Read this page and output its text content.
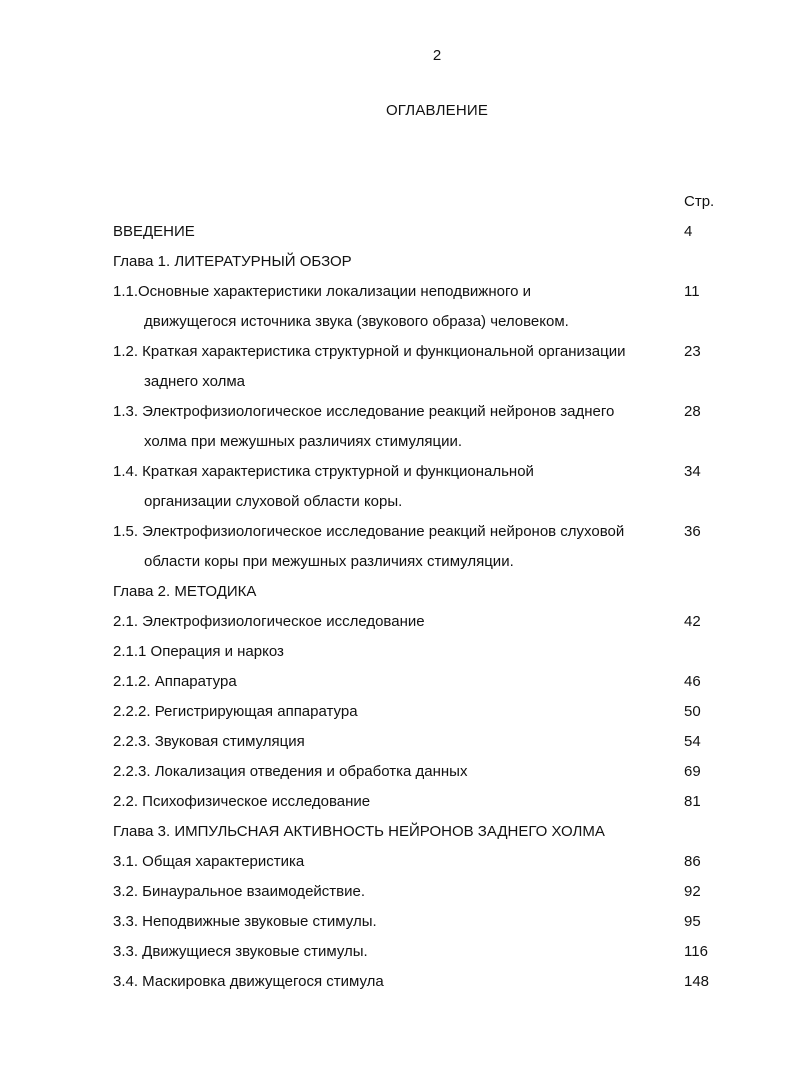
2
ОГЛАВЛЕНИЕ
Стр.
ВВЕДЕНИЕ	4
Глава 1. ЛИТЕРАТУРНЫЙ ОБЗОР
1.1.Основные характеристики локализации неподвижного и	11
движущегося источника звука (звукового образа) человеком.
1.2. Краткая характеристика структурной и функциональной организации	23
заднего холма
1.3. Электрофизиологическое исследование реакций нейронов заднего	28
холма при межушных различиях стимуляции.
1.4. Краткая характеристика структурной и функциональной	34
организации слуховой области коры.
1.5. Электрофизиологическое исследование реакций нейронов слуховой	36
области коры при межушных различиях стимуляции.
Глава 2. МЕТОДИКА
2.1. Электрофизиологическое исследование	42
2.1.1 Операция и наркоз
2.1.2. Аппаратура	46
2.2.2. Регистрирующая аппаратура	50
2.2.3. Звуковая стимуляция	54
2.2.3. Локализация отведения и обработка данных	69
2.2. Психофизическое исследование	81
Глава 3. ИМПУЛЬСНАЯ АКТИВНОСТЬ НЕЙРОНОВ ЗАДНЕГО ХОЛМА
3.1. Общая характеристика	86
3.2. Бинауральное взаимодействие.	92
3.3. Неподвижные звуковые стимулы.	95
3.3. Движущиеся звуковые стимулы.	116
3.4. Маскировка движущегося стимула	148
